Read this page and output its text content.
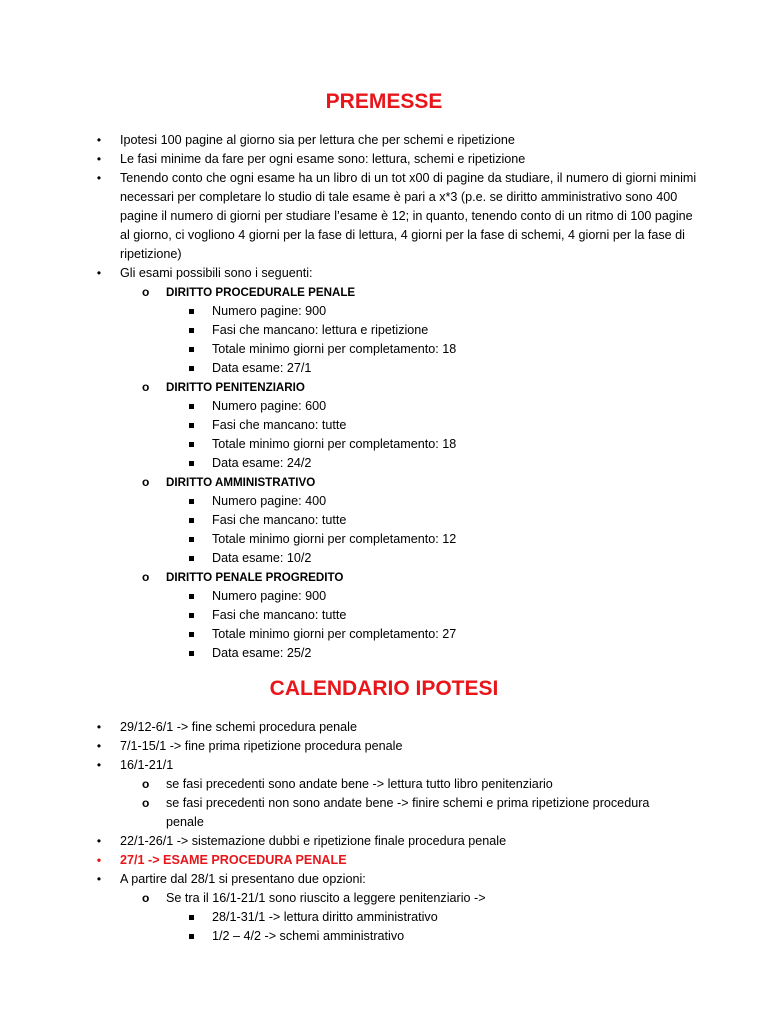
PREMESSE
• Ipotesi 100 pagine al giorno sia per lettura che per schemi e ripetizione
• Le fasi minime da fare per ogni esame sono: lettura, schemi e ripetizione
• Tenendo conto che ogni esame ha un libro di un tot x00 di pagine da studiare, il numero di giorni minimi necessari per completare lo studio di tale esame è pari a x*3 (p.e. se diritto amministrativo sono 400 pagine il numero di giorni per studiare l’esame è 12; in quanto, tenendo conto di un ritmo di 100 pagine al giorno, ci vogliono 4 giorni per la fase di lettura, 4 giorni per la fase di schemi, 4 giorni per la fase di ripetizione)
• Gli esami possibili sono i seguenti:
o DIRITTO PROCEDURALE PENALE
Numero pagine: 900
Fasi che mancano: lettura e ripetizione
Totale minimo giorni per completamento: 18
Data esame: 27/1
o DIRITTO PENITENZIARIO
Numero pagine: 600
Fasi che mancano: tutte
Totale minimo giorni per completamento: 18
Data esame: 24/2
o DIRITTO AMMINISTRATIVO
Numero pagine: 400
Fasi che mancano: tutte
Totale minimo giorni per completamento: 12
Data esame: 10/2
o DIRITTO PENALE PROGREDITO
Numero pagine: 900
Fasi che mancano: tutte
Totale minimo giorni per completamento: 27
Data esame: 25/2
CALENDARIO IPOTESI
• 29/12-6/1 -> fine schemi procedura penale
• 7/1-15/1 -> fine prima ripetizione procedura penale
• 16/1-21/1
o se fasi precedenti sono andate bene -> lettura tutto libro penitenziario
o se fasi precedenti non sono andate bene -> finire schemi e prima ripetizione procedura penale
• 22/1-26/1 -> sistemazione dubbi e ripetizione finale procedura penale
• 27/1 -> ESAME PROCEDURA PENALE
• A partire dal 28/1 si presentano due opzioni:
o Se tra il 16/1-21/1 sono riuscito a leggere penitenziario ->
28/1-31/1 -> lettura diritto amministrativo
1/2 – 4/2 -> schemi amministrativo
